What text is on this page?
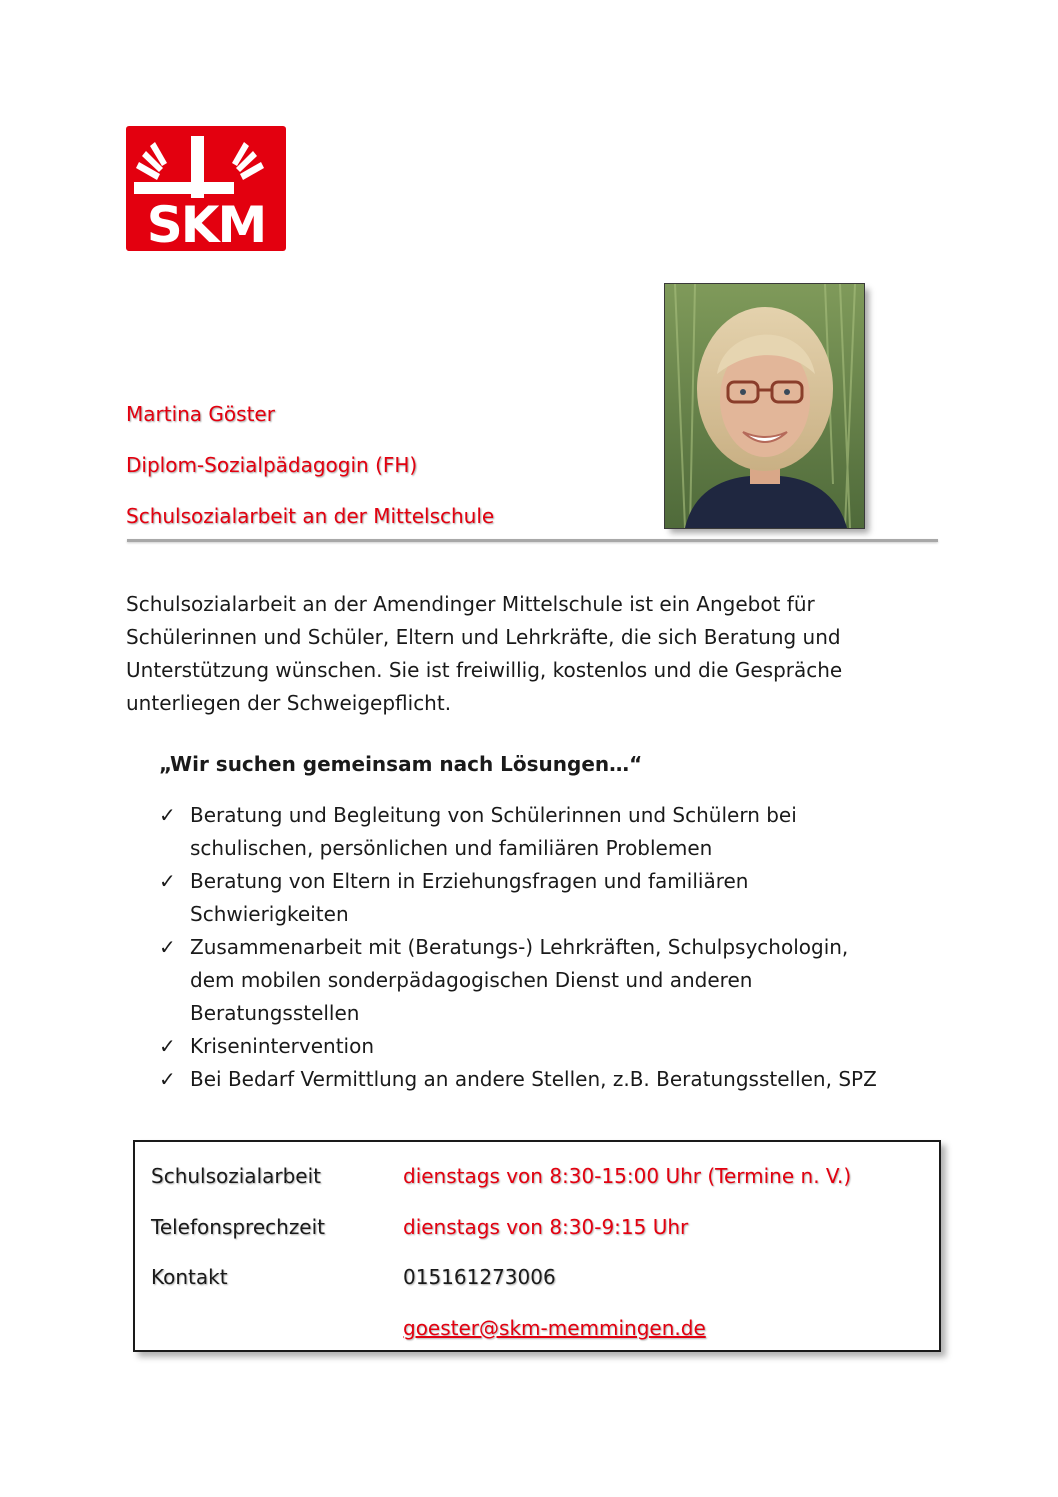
SKM
Martina Göster
Diplom-Sozialpädagogin (FH)
Schulsozialarbeit an der Mittelschule

Schulsozialarbeit an der Amendinger Mittelschule ist ein Angebot für Schülerinnen und Schüler, Eltern und Lehrkräfte, die sich Beratung und Unterstützung wünschen. Sie ist freiwillig, kostenlos und die Gespräche unterliegen der Schweigepflicht.

„Wir suchen gemeinsam nach Lösungen…“

✓ Beratung und Begleitung von Schülerinnen und Schülern bei
schulischen, persönlichen und familiären Problemen
✓ Beratung von Eltern in Erziehungsfragen und familiären
Schwierigkeiten
✓ Zusammenarbeit mit (Beratungs-) Lehrkräften, Schulpsychologin,
dem mobilen sonderpädagogischen Dienst und anderen
Beratungsstellen
✓ Krisenintervention
✓ Bei Bedarf Vermittlung an andere Stellen, z.B. Beratungsstellen, SPZ
Schulsozialarbeit	dienstags von 8:30-15:00 Uhr (Termine n. V.)
Telefonsprechzeit	dienstags von 8:30-9:15 Uhr
Kontakt	015161273006
goester@skm-memmingen.de
